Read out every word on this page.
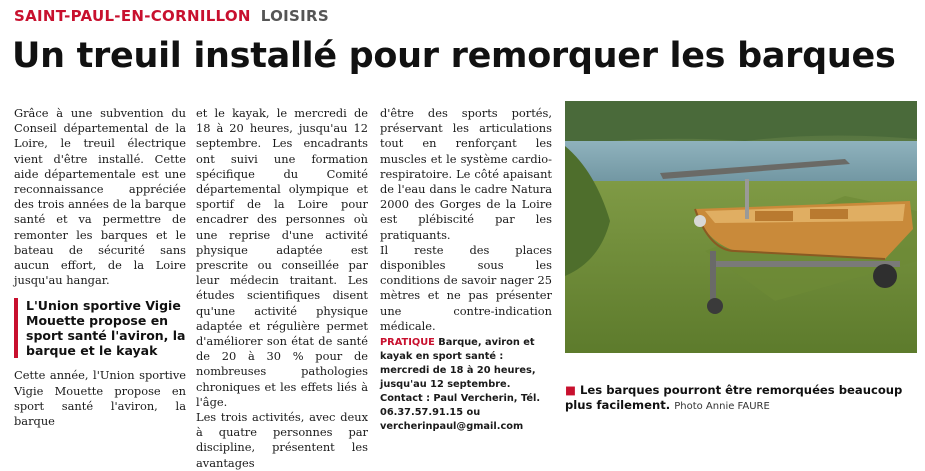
SAINT-PAUL-EN-CORNILLON LOISIRS
Un treuil installé pour remorquer les barques

Grâce à une subvention du Conseil départemental de la Loire, le treuil électrique vient d'être installé. Cette aide départementale est une reconnaissance appréciée des trois années de la barque santé et va permettre de remonter les barques et le bateau de sécurité sans aucun effort, de la Loire jusqu'au hangar.

L'Union sportive Vigie Mouette propose en sport santé l'aviron, la barque et le kayak

Cette année, l'Union sportive Vigie Mouette propose en sport santé l'aviron, la barque

et le kayak, le mercredi de 18 à 20 heures, jusqu'au 12 septembre. Les encadrants ont suivi une formation spécifique du Comité départemental olympique et sportif de la Loire pour encadrer des personnes où une reprise d'une activité physique adaptée est prescrite ou conseillée par leur médecin traitant. Les études scientifiques disent qu'une activité physique adaptée et régulière permet d'améliorer son état de santé de 20 à 30 % pour de nombreuses pathologies chroniques et les effets liés à l'âge.

Les trois activités, avec deux à quatre personnes par discipline, présentent les avantages

d'être des sports portés, préservant les articulations tout en renforçant les muscles et le système cardio-respiratoire. Le côté apaisant de l'eau dans le cadre Natura 2000 des Gorges de la Loire est plébiscité par les pratiquants.

Il reste des places disponibles sous les conditions de savoir nager 25 mètres et ne pas présenter une contre-indication médicale.

PRATIQUE Barque, aviron et kayak en sport santé : mercredi de 18 à 20 heures, jusqu'au 12 septembre. Contact : Paul Vercherin, Tél. 06.37.57.91.15 ou vercherinpaul@gmail.com
■ Les barques pourront être remorquées beaucoup plus facilement. Photo Annie FAURE
